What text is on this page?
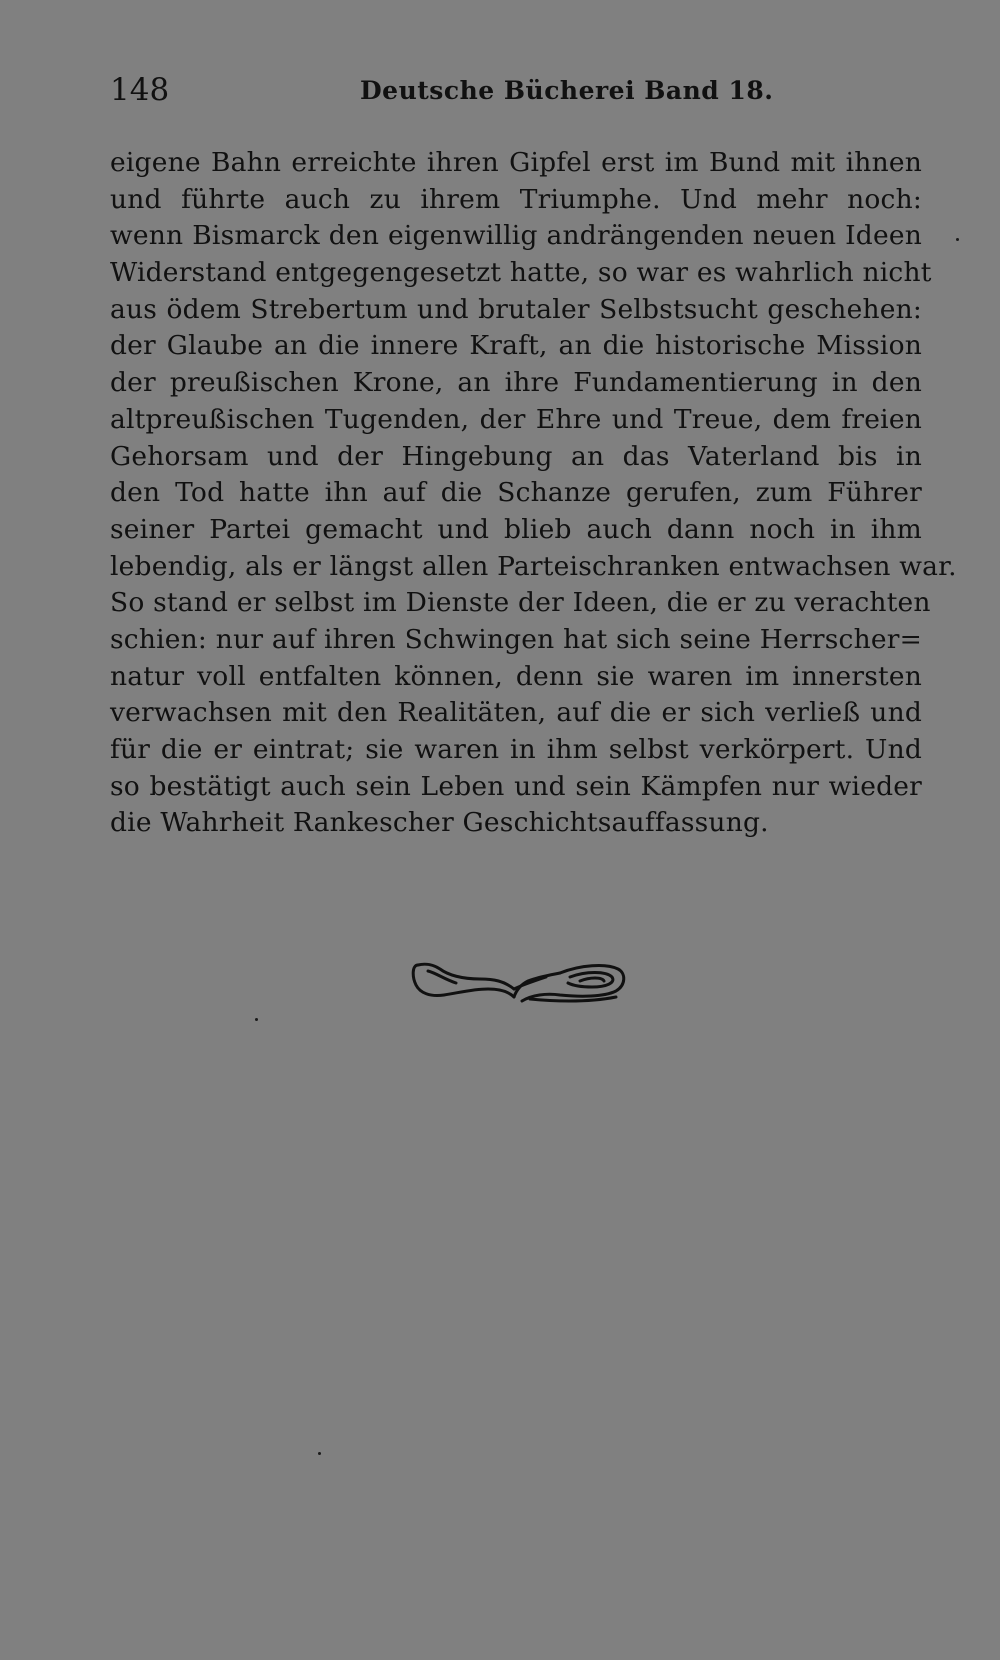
148	Deutsche Bücherei Band 18.
eigene Bahn erreichte ihren Gipfel erst im Bund mit ihnen
und führte auch zu ihrem Triumphe. Und mehr noch:
wenn Bismarck den eigenwillig andrängenden neuen Ideen
Widerstand entgegengesetzt hatte, so war es wahrlich nicht
aus ödem Strebertum und brutaler Selbstsucht geschehen:
der Glaube an die innere Kraft, an die historische Mission
der preußischen Krone, an ihre Fundamentierung in den
altpreußischen Tugenden, der Ehre und Treue, dem freien
Gehorsam und der Hingebung an das Vaterland bis in
den Tod hatte ihn auf die Schanze gerufen, zum Führer
seiner Partei gemacht und blieb auch dann noch in ihm
lebendig, als er längst allen Parteischranken entwachsen war.
So stand er selbst im Dienste der Ideen, die er zu verachten
schien: nur auf ihren Schwingen hat sich seine Herrscher=
natur voll entfalten können, denn sie waren im innersten
verwachsen mit den Realitäten, auf die er sich verließ und
für die er eintrat; sie waren in ihm selbst verkörpert. Und
so bestätigt auch sein Leben und sein Kämpfen nur wieder
die Wahrheit Rankescher Geschichtsauffassung.
